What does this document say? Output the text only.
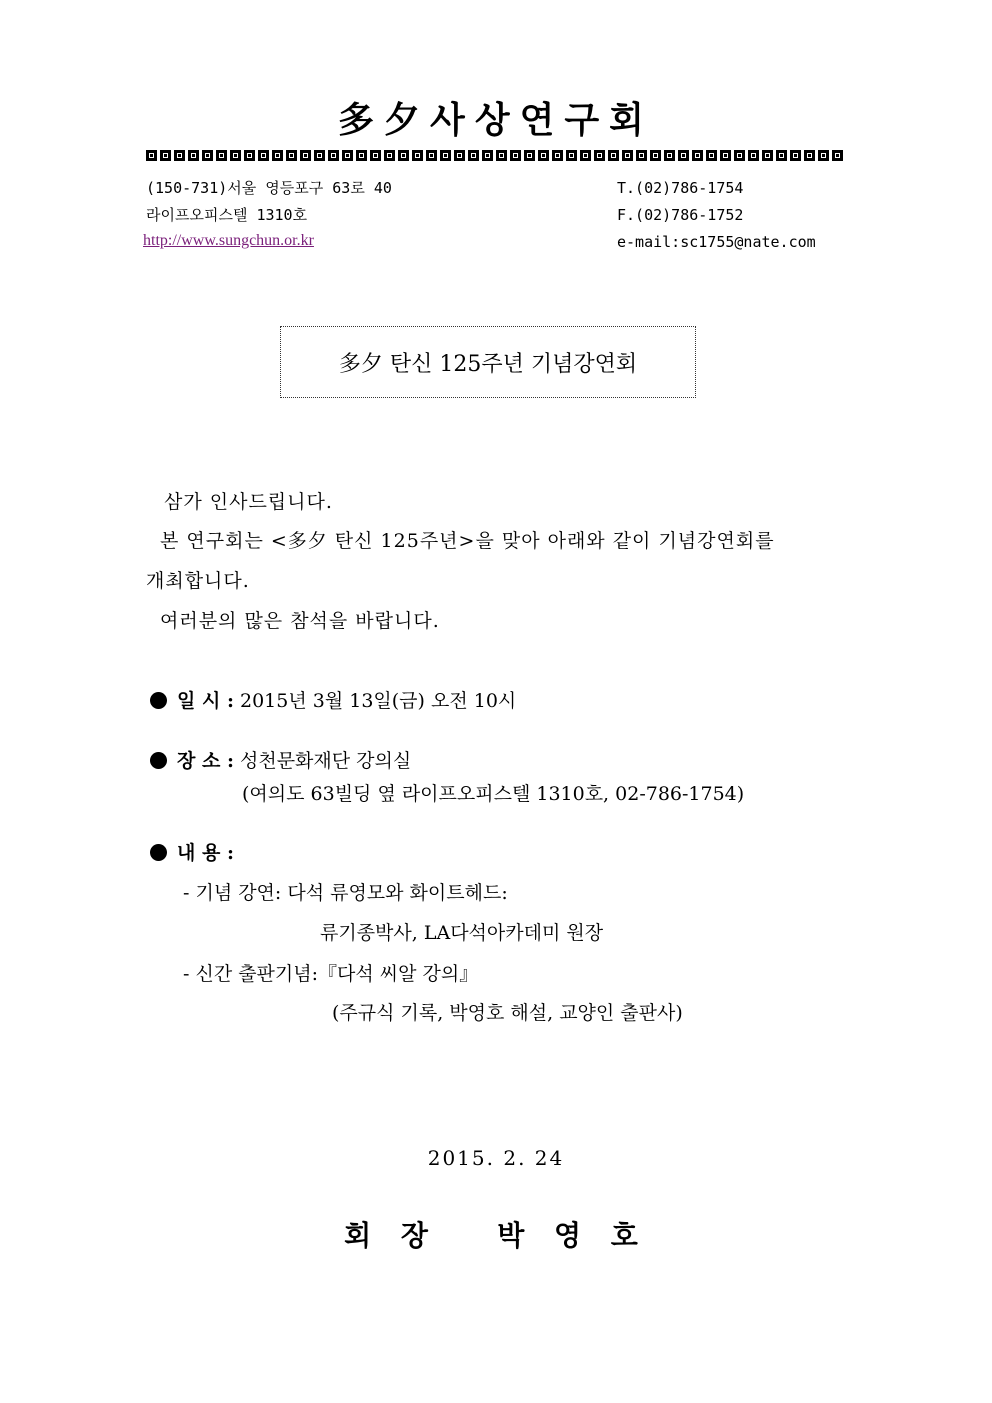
多夕사상연구회
(150-731)서울 영등포구 63로 40
라이프오피스텔 1310호
http://www.sungchun.or.kr
T.(02)786-1754
F.(02)786-1752
e-mail:sc1755@nate.com
多夕 탄신 125주년 기념강연회
삼가 인사드립니다.
본 연구회는 <多夕 탄신 125주년>을 맞아 아래와 같이 기념강연회를
개최합니다.
여러분의 많은 참석을 바랍니다.
일 시 : 2015년 3월 13일(금) 오전 10시
장 소 : 성천문화재단 강의실
(여의도 63빌딩 옆 라이프오피스텔 1310호, 02-786-1754)
내 용 :
- 기념 강연: 다석 류영모와 화이트헤드:
류기종박사, LA다석아카데미 원장
- 신간 출판기념:『다석 씨알 강의』
(주규식 기록, 박영호 해설, 교양인 출판사)
2015. 2. 24
회 장   박 영 호
